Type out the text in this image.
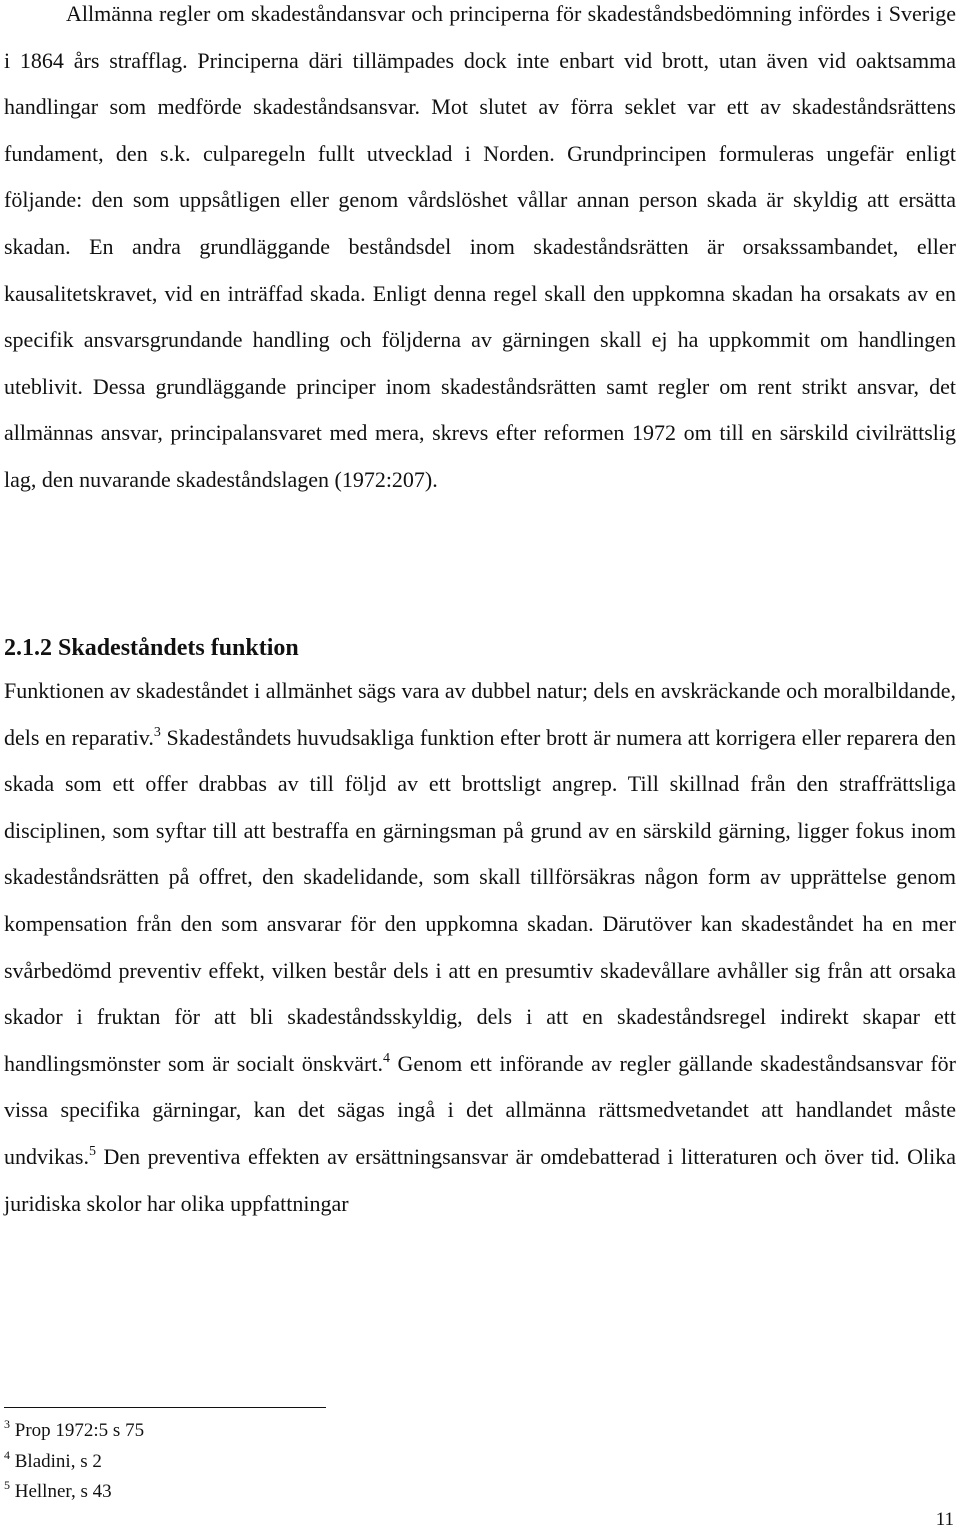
Allmänna regler om skadeståndansvar och principerna för skadeståndsbedömning infördes i Sverige i 1864 års strafflag. Principerna däri tillämpades dock inte enbart vid brott, utan även vid oaktsamma handlingar som medförde skadeståndsansvar. Mot slutet av förra seklet var ett av skadeståndsrättens fundament, den s.k. culparegeln fullt utvecklad i Norden. Grundprincipen formuleras ungefär enligt följande: den som uppsåtligen eller genom vårdslöshet vållar annan person skada är skyldig att ersätta skadan. En andra grundläggande beståndsdel inom skadeståndsrätten är orsakssambandet, eller kausalitetskravet, vid en inträffad skada. Enligt denna regel skall den uppkomna skadan ha orsakats av en specifik ansvarsgrundande handling och följderna av gärningen skall ej ha uppkommit om handlingen uteblivit. Dessa grundläggande principer inom skadeståndsrätten samt regler om rent strikt ansvar, det allmännas ansvar, principalansvaret med mera, skrevs efter reformen 1972 om till en särskild civilrättslig lag, den nuvarande skadeståndslagen (1972:207).

2.1.2 Skadeståndets funktion

Funktionen av skadeståndet i allmänhet sägs vara av dubbel natur; dels en avskräckande och moralbildande, dels en reparativ.$^3$ Skadeståndets huvudsakliga funktion efter brott är numera att korrigera eller reparera den skada som ett offer drabbas av till följd av ett brottsligt angrep. Till skillnad från den straffrättsliga disciplinen, som syftar till att bestraffa en gärningsman på grund av en särskild gärning, ligger fokus inom skadeståndsrätten på offret, den skadelidande, som skall tillförsäkras någon form av upprättelse genom kompensation från den som ansvarar för den uppkomna skadan. Därutöver kan skadeståndet ha en mer svårbedömd preventiv effekt, vilken består dels i att en presumtiv skadevållare avhåller sig från att orsaka skador i fruktan för att bli skadeståndsskyldig, dels i att en skadeståndsregel indirekt skapar ett handlingsmönster som är socialt önskvärt.$^4$ Genom ett införande av regler gällande skadeståndsansvar för vissa specifika gärningar, kan det sägas ingå i det allmänna rättsmedvetandet att handlandet måste undvikas.$^5$ Den preventiva effekten av ersättningsansvar är omdebatterad i litteraturen och över tid. Olika juridiska skolor har olika uppfattningar

$^3$ Prop 1972:5 s 75
$^4$ Bladini, s 2
$^5$ Hellner, s 43
11
